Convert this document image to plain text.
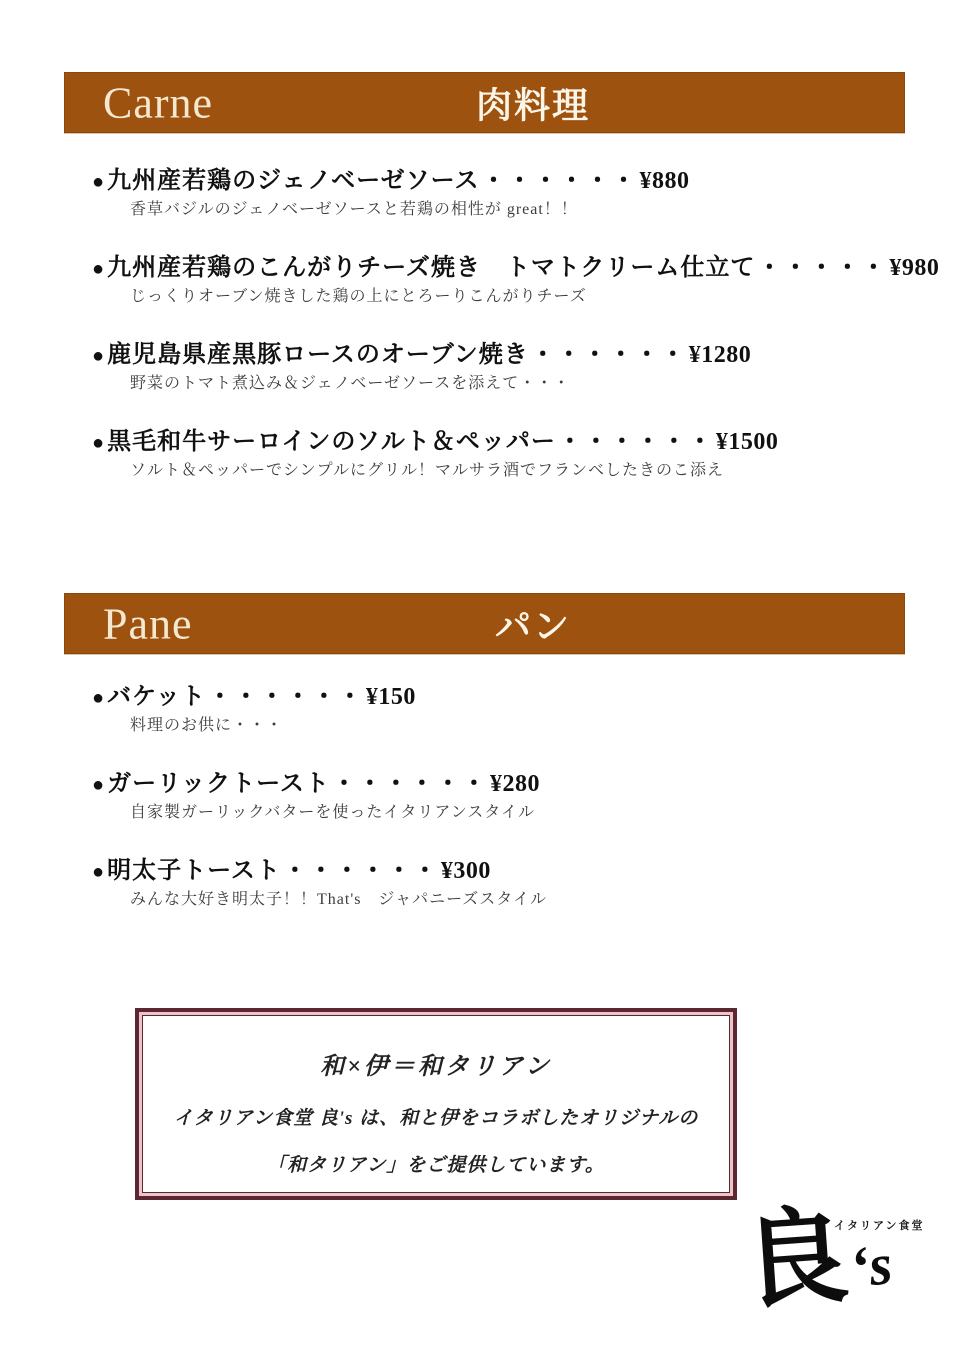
Carne	肉料理
●九州産若鶏のジェノベーゼソース・・・・・・¥880
香草バジルのジェノベーゼソースと若鶏の相性が great！！
●九州産若鶏のこんがりチーズ焼き　トマトクリーム仕立て・・・・・¥980
じっくりオーブン焼きした鶏の上にとろーりこんがりチーズ
●鹿児島県産黒豚ロースのオーブン焼き・・・・・・¥1280
野菜のトマト煮込み＆ジェノベーゼソースを添えて・・・
●黒毛和牛サーロインのソルト＆ペッパー・・・・・・¥1500
ソルト＆ペッパーでシンプルにグリル！マルサラ酒でフランベしたきのこ添え
Pane	パン
●バケット・・・・・・¥150
料理のお供に・・・
●ガーリックトースト・・・・・・¥280
自家製ガーリックバターを使ったイタリアンスタイル
●明太子トースト・・・・・・¥300
みんな大好き明太子！！That's　ジャパニーズスタイル

和×伊＝和タリアン

イタリアン食堂 良's は、和と伊をコラボしたオリジナルの

「和タリアン」をご提供しています。

イタリアン食堂
良
‘s
